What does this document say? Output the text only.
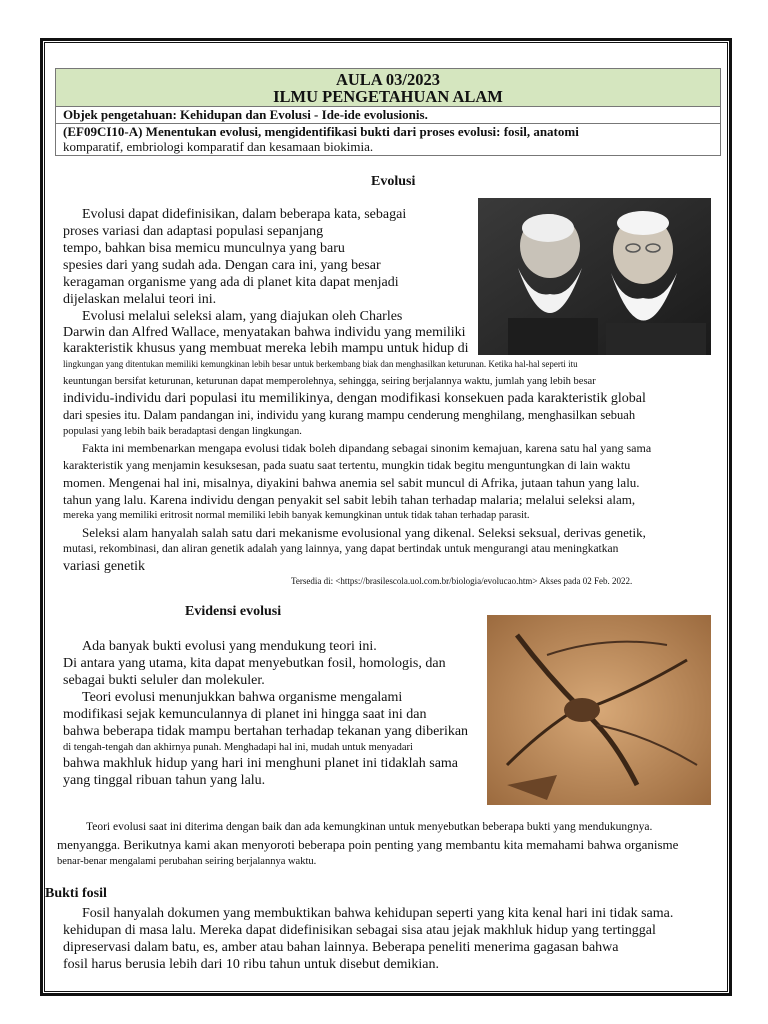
AULA 03/2023
ILMU PENGETAHUAN ALAM
Objek pengetahuan: Kehidupan dan Evolusi - Ide-ide evolusionis.
(EF09CI10-A) Menentukan evolusi, mengidentifikasi bukti dari proses evolusi: fosil, anatomi
komparatif, embriologi komparatif dan kesamaan biokimia.
Evolusi
Evolusi dapat didefinisikan, dalam beberapa kata, sebagai
proses variasi dan adaptasi populasi sepanjang
tempo, bahkan bisa memicu munculnya yang baru
spesies dari yang sudah ada. Dengan cara ini, yang besar
keragaman organisme yang ada di planet kita dapat menjadi
dijelaskan melalui teori ini.
Evolusi melalui seleksi alam, yang diajukan oleh Charles
Darwin dan Alfred Wallace, menyatakan bahwa individu yang memiliki
karakteristik khusus yang membuat mereka lebih mampu untuk hidup di
lingkungan yang ditentukan memiliki kemungkinan lebih besar untuk berkembang biak dan menghasilkan keturunan. Ketika hal-hal seperti itu
keuntungan bersifat keturunan, keturunan dapat memperolehnya, sehingga, seiring berjalannya waktu, jumlah yang lebih besar
individu-individu dari populasi itu memilikinya, dengan modifikasi konsekuen pada karakteristik global
dari spesies itu. Dalam pandangan ini, individu yang kurang mampu cenderung menghilang, menghasilkan sebuah
populasi yang lebih baik beradaptasi dengan lingkungan.
Fakta ini membenarkan mengapa evolusi tidak boleh dipandang sebagai sinonim kemajuan, karena satu hal yang sama
karakteristik yang menjamin kesuksesan, pada suatu saat tertentu, mungkin tidak begitu menguntungkan di lain waktu
momen. Mengenai hal ini, misalnya, diyakini bahwa anemia sel sabit muncul di Afrika, jutaan tahun yang lalu.
tahun yang lalu. Karena individu dengan penyakit sel sabit lebih tahan terhadap malaria; melalui seleksi alam,
mereka yang memiliki eritrosit normal memiliki lebih banyak kemungkinan untuk tidak tahan terhadap parasit.
Seleksi alam hanyalah salah satu dari mekanisme evolusional yang dikenal. Seleksi seksual, derivas genetik,
mutasi, rekombinasi, dan aliran genetik adalah yang lainnya, yang dapat bertindak untuk mengurangi atau meningkatkan
variasi genetik
Tersedia di: <https://brasilescola.uol.com.br/biologia/evolucao.htm> Akses pada 02 Feb. 2022.
Evidensi evolusi
Ada banyak bukti evolusi yang mendukung teori ini.
Di antara yang utama, kita dapat menyebutkan fosil, homologis, dan
sebagai bukti seluler dan molekuler.
Teori evolusi menunjukkan bahwa organisme mengalami
modifikasi sejak kemunculannya di planet ini hingga saat ini dan
bahwa beberapa tidak mampu bertahan terhadap tekanan yang diberikan
di tengah-tengah dan akhirnya punah. Menghadapi hal ini, mudah untuk menyadari
bahwa makhluk hidup yang hari ini menghuni planet ini tidaklah sama
yang tinggal ribuan tahun yang lalu.
Teori evolusi saat ini diterima dengan baik dan ada kemungkinan untuk menyebutkan beberapa bukti yang mendukungnya.
menyangga. Berikutnya kami akan menyoroti beberapa poin penting yang membantu kita memahami bahwa organisme
benar-benar mengalami perubahan seiring berjalannya waktu.
Bukti fosil
Fosil hanyalah dokumen yang membuktikan bahwa kehidupan seperti yang kita kenal hari ini tidak sama.
kehidupan di masa lalu. Mereka dapat didefinisikan sebagai sisa atau jejak makhluk hidup yang tertinggal
dipreservasi dalam batu, es, amber atau bahan lainnya. Beberapa peneliti menerima gagasan bahwa
fosil harus berusia lebih dari 10 ribu tahun untuk disebut demikian.
